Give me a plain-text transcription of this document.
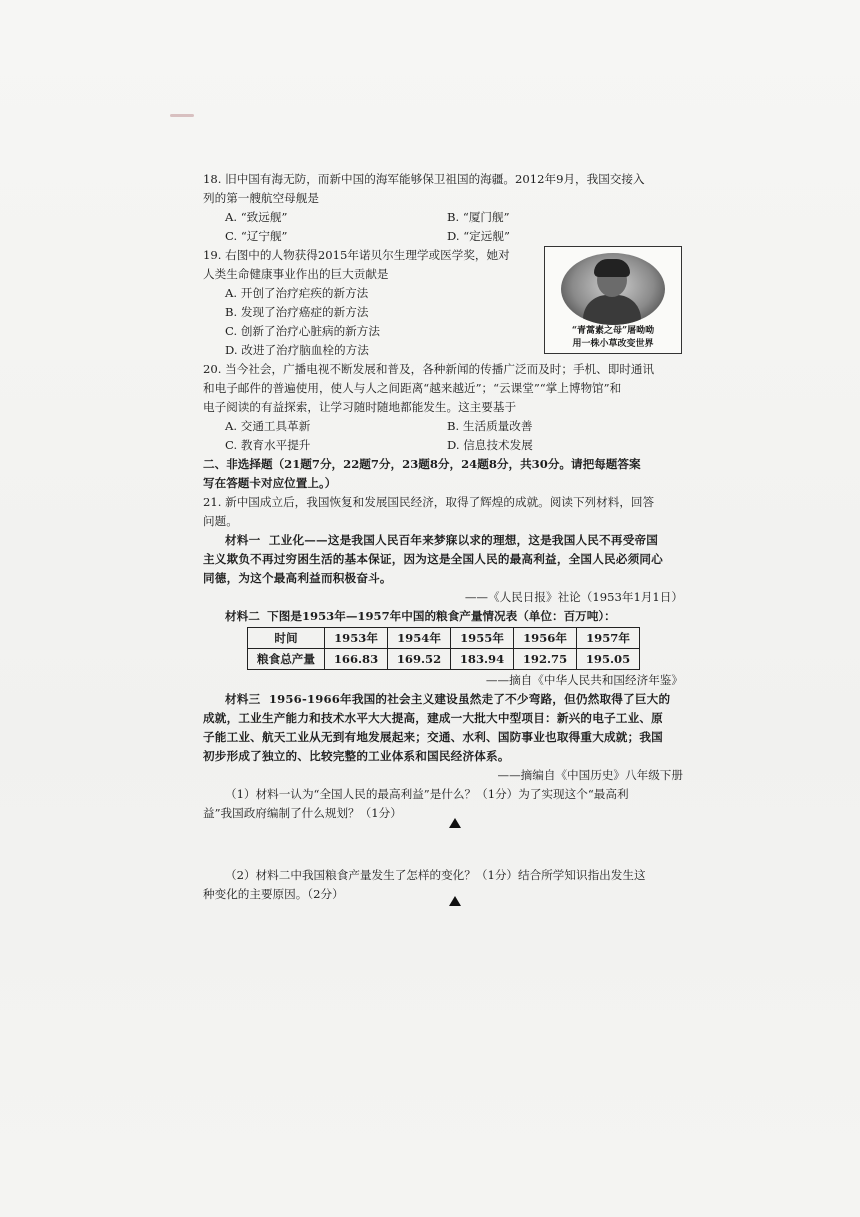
18. 旧中国有海无防，而新中国的海军能够保卫祖国的海疆。2012年9月，我国交接入
列的第一艘航空母舰是
A. “致远舰”	B. “厦门舰”
C. “辽宁舰”	D. “定远舰”
19. 右图中的人物获得2015年诺贝尔生理学或医学奖，她对
人类生命健康事业作出的巨大贡献是
A. 开创了治疗疟疾的新方法
B. 发现了治疗癌症的新方法
C. 创新了治疗心脏病的新方法
D. 改进了治疗脑血栓的方法
20. 当今社会，广播电视不断发展和普及，各种新闻的传播广泛而及时；手机、即时通讯
和电子邮件的普遍使用，使人与人之间距离“越来越近”；“云课堂”“掌上博物馆”和
电子阅读的有益探索，让学习随时随地都能发生。这主要基于
A. 交通工具革新	B. 生活质量改善
C. 教育水平提升	D. 信息技术发展
二、非选择题（21题7分，22题7分，23题8分，24题8分，共30分。请把每题答案
写在答题卡对应位置上。）
21. 新中国成立后，我国恢复和发展国民经济，取得了辉煌的成就。阅读下列材料，回答
问题。
材料一 工业化——这是我国人民百年来梦寐以求的理想，这是我国人民不再受帝国
主义欺负不再过穷困生活的基本保证，因为这是全国人民的最高利益，全国人民必须同心
同德，为这个最高利益而积极奋斗。
——《人民日报》社论（1953年1月1日）
材料二 下图是1953年—1957年中国的粮食产量情况表（单位：百万吨）：
时间	1953年	1954年	1955年	1956年	1957年
粮食总产量	166.83	169.52	183.94	192.75	195.05
——摘自《中华人民共和国经济年鉴》
材料三 1956-1966年我国的社会主义建设虽然走了不少弯路，但仍然取得了巨大的
成就，工业生产能力和技术水平大大提高，建成一大批大中型项目：新兴的电子工业、原
子能工业、航天工业从无到有地发展起来；交通、水利、国防事业也取得重大成就；我国
初步形成了独立的、比较完整的工业体系和国民经济体系。
——摘编自《中国历史》八年级下册
（1）材料一认为“全国人民的最高利益”是什么？（1分）为了实现这个“最高利
益”我国政府编制了什么规划？（1分）
（2）材料二中我国粮食产量发生了怎样的变化？（1分）结合所学知识指出发生这
种变化的主要原因。（2分）
“青蒿素之母”屠呦呦
用一株小草改变世界
